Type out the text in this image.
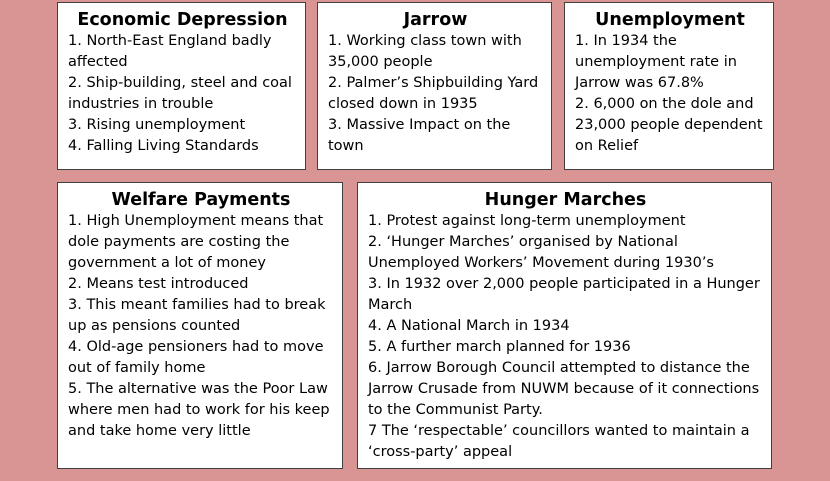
Economic Depression
1. North-East England badly affected
2. Ship-building, steel and coal industries in trouble
3. Rising unemployment
4. Falling Living Standards
Jarrow
1. Working class town with 35,000 people
2. Palmer’s Shipbuilding Yard closed down in 1935
3. Massive Impact on the town
Unemployment
1. In 1934 the unemployment rate in Jarrow was 67.8%
2. 6,000 on the dole and 23,000 people dependent on Relief
Welfare Payments
1. High Unemployment means that dole payments are costing the government a lot of money
2. Means test introduced
3. This meant families had to break up as pensions counted
4. Old-age pensioners had to move out of family home
5. The alternative was the Poor Law where men had to work for his keep and take home very little
Hunger Marches
1. Protest against long-term unemployment
2. ‘Hunger Marches’ organised by National Unemployed Workers’ Movement during 1930’s
3. In 1932 over 2,000 people participated in a Hunger March
4. A National March in 1934
5. A further march planned for 1936
6. Jarrow Borough Council attempted to distance the Jarrow Crusade from NUWM because of it connections to the Communist Party.
7 The ‘respectable’ councillors wanted to maintain a ‘cross-party’ appeal
